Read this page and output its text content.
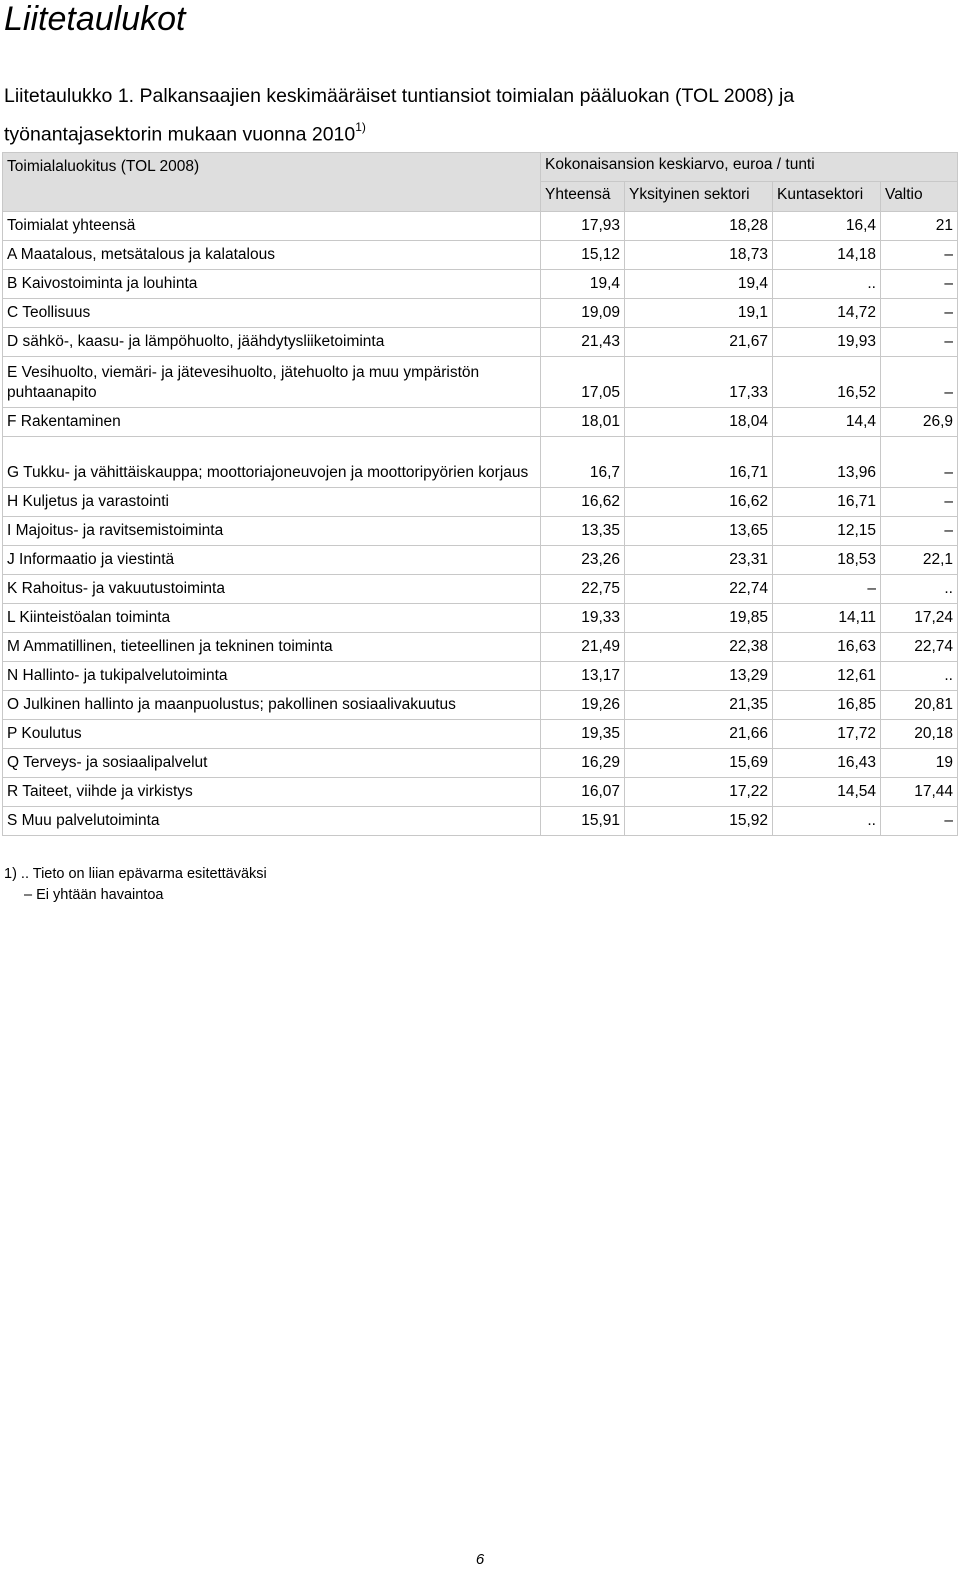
Liitetaulukot

Liitetaulukko 1. Palkansaajien keskimääräiset tuntiansiot toimialan pääluokan (TOL 2008) ja työnantajasektorin mukaan vuonna 2010$^{1)}$

Toimialaluokitus (TOL 2008)	Kokonaisansion keskiarvo, euroa / tunti			
	Yhteensä	Yksityinen sektori	Kuntasektori	Valtio
Toimialat yhteensä	17,93	18,28	16,4	21
A Maatalous, metsätalous ja kalatalous	15,12	18,73	14,18	–
B Kaivostoiminta ja louhinta	19,4	19,4	..	–
C Teollisuus	19,09	19,1	14,72	–
D sähkö-, kaasu- ja lämpöhuolto, jäähdytysliiketoiminta	21,43	21,67	19,93	–
E Vesihuolto, viemäri- ja jätevesihuolto, jätehuolto ja muu ympäristön puhtaanapito	17,05	17,33	16,52	–
F Rakentaminen	18,01	18,04	14,4	26,9
G Tukku- ja vähittäiskauppa; moottoriajoneuvojen ja moottoripyörien korjaus	16,7	16,71	13,96	–
H Kuljetus ja varastointi	16,62	16,62	16,71	–
I Majoitus- ja ravitsemistoiminta	13,35	13,65	12,15	–
J Informaatio ja viestintä	23,26	23,31	18,53	22,1
K Rahoitus- ja vakuutustoiminta	22,75	22,74	–	..
L Kiinteistöalan toiminta	19,33	19,85	14,11	17,24
M Ammatillinen, tieteellinen ja tekninen toiminta	21,49	22,38	16,63	22,74
N Hallinto- ja tukipalvelutoiminta	13,17	13,29	12,61	..
O Julkinen hallinto ja maanpuolustus; pakollinen sosiaalivakuutus	19,26	21,35	16,85	20,81
P Koulutus	19,35	21,66	17,72	20,18
Q Terveys- ja sosiaalipalvelut	16,29	15,69	16,43	19
R Taiteet, viihde ja virkistys	16,07	17,22	14,54	17,44
S Muu palvelutoiminta	15,91	15,92	..	–
1) .. Tieto on liian epävarma esitettäväksi
– Ei yhtään havaintoa
6
